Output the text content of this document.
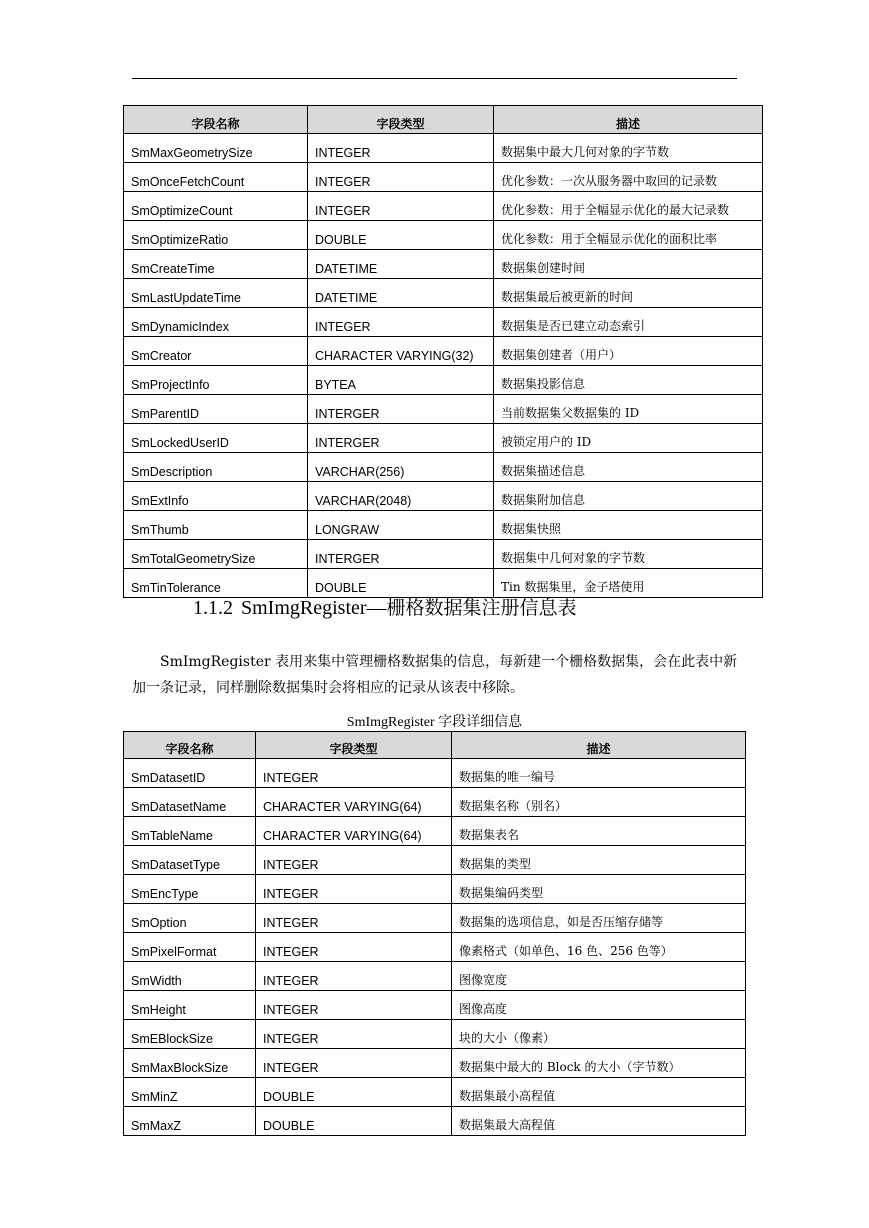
字段名称	字段类型	描述
SmMaxGeometrySize	INTEGER	数据集中最大几何对象的字节数
SmOnceFetchCount	INTEGER	优化参数：一次从服务器中取回的记录数
SmOptimizeCount	INTEGER	优化参数：用于全幅显示优化的最大记录数
SmOptimizeRatio	DOUBLE	优化参数：用于全幅显示优化的面积比率
SmCreateTime	DATETIME	数据集创建时间
SmLastUpdateTime	DATETIME	数据集最后被更新的时间
SmDynamicIndex	INTEGER	数据集是否已建立动态索引
SmCreator	CHARACTER VARYING(32)	数据集创建者（用户）
SmProjectInfo	BYTEA	数据集投影信息
SmParentID	INTERGER	当前数据集父数据集的 ID
SmLockedUserID	INTERGER	被锁定用户的 ID
SmDescription	VARCHAR(256)	数据集描述信息
SmExtInfo	VARCHAR(2048)	数据集附加信息
SmThumb	LONGRAW	数据集快照
SmTotalGeometrySize	INTERGER	数据集中几何对象的字节数
SmTinTolerance	DOUBLE	Tin 数据集里，金子塔使用
1.1.2 SmImgRegister—栅格数据集注册信息表
SmImgRegister 表用来集中管理栅格数据集的信息，每新建一个栅格数据集，会在此表中新加一条记录，同样删除数据集时会将相应的记录从该表中移除。
SmImgRegister 字段详细信息
字段名称	字段类型	描述
SmDatasetID	INTEGER	数据集的唯一编号
SmDatasetName	CHARACTER VARYING(64)	数据集名称（别名）
SmTableName	CHARACTER VARYING(64)	数据集表名
SmDatasetType	INTEGER	数据集的类型
SmEncType	INTEGER	数据集编码类型
SmOption	INTEGER	数据集的选项信息，如是否压缩存储等
SmPixelFormat	INTEGER	像素格式（如单色、16 色、256 色等）
SmWidth	INTEGER	图像宽度
SmHeight	INTEGER	图像高度
SmEBlockSize	INTEGER	块的大小（像素）
SmMaxBlockSize	INTEGER	数据集中最大的 Block 的大小（字节数）
SmMinZ	DOUBLE	数据集最小高程值
SmMaxZ	DOUBLE	数据集最大高程值
